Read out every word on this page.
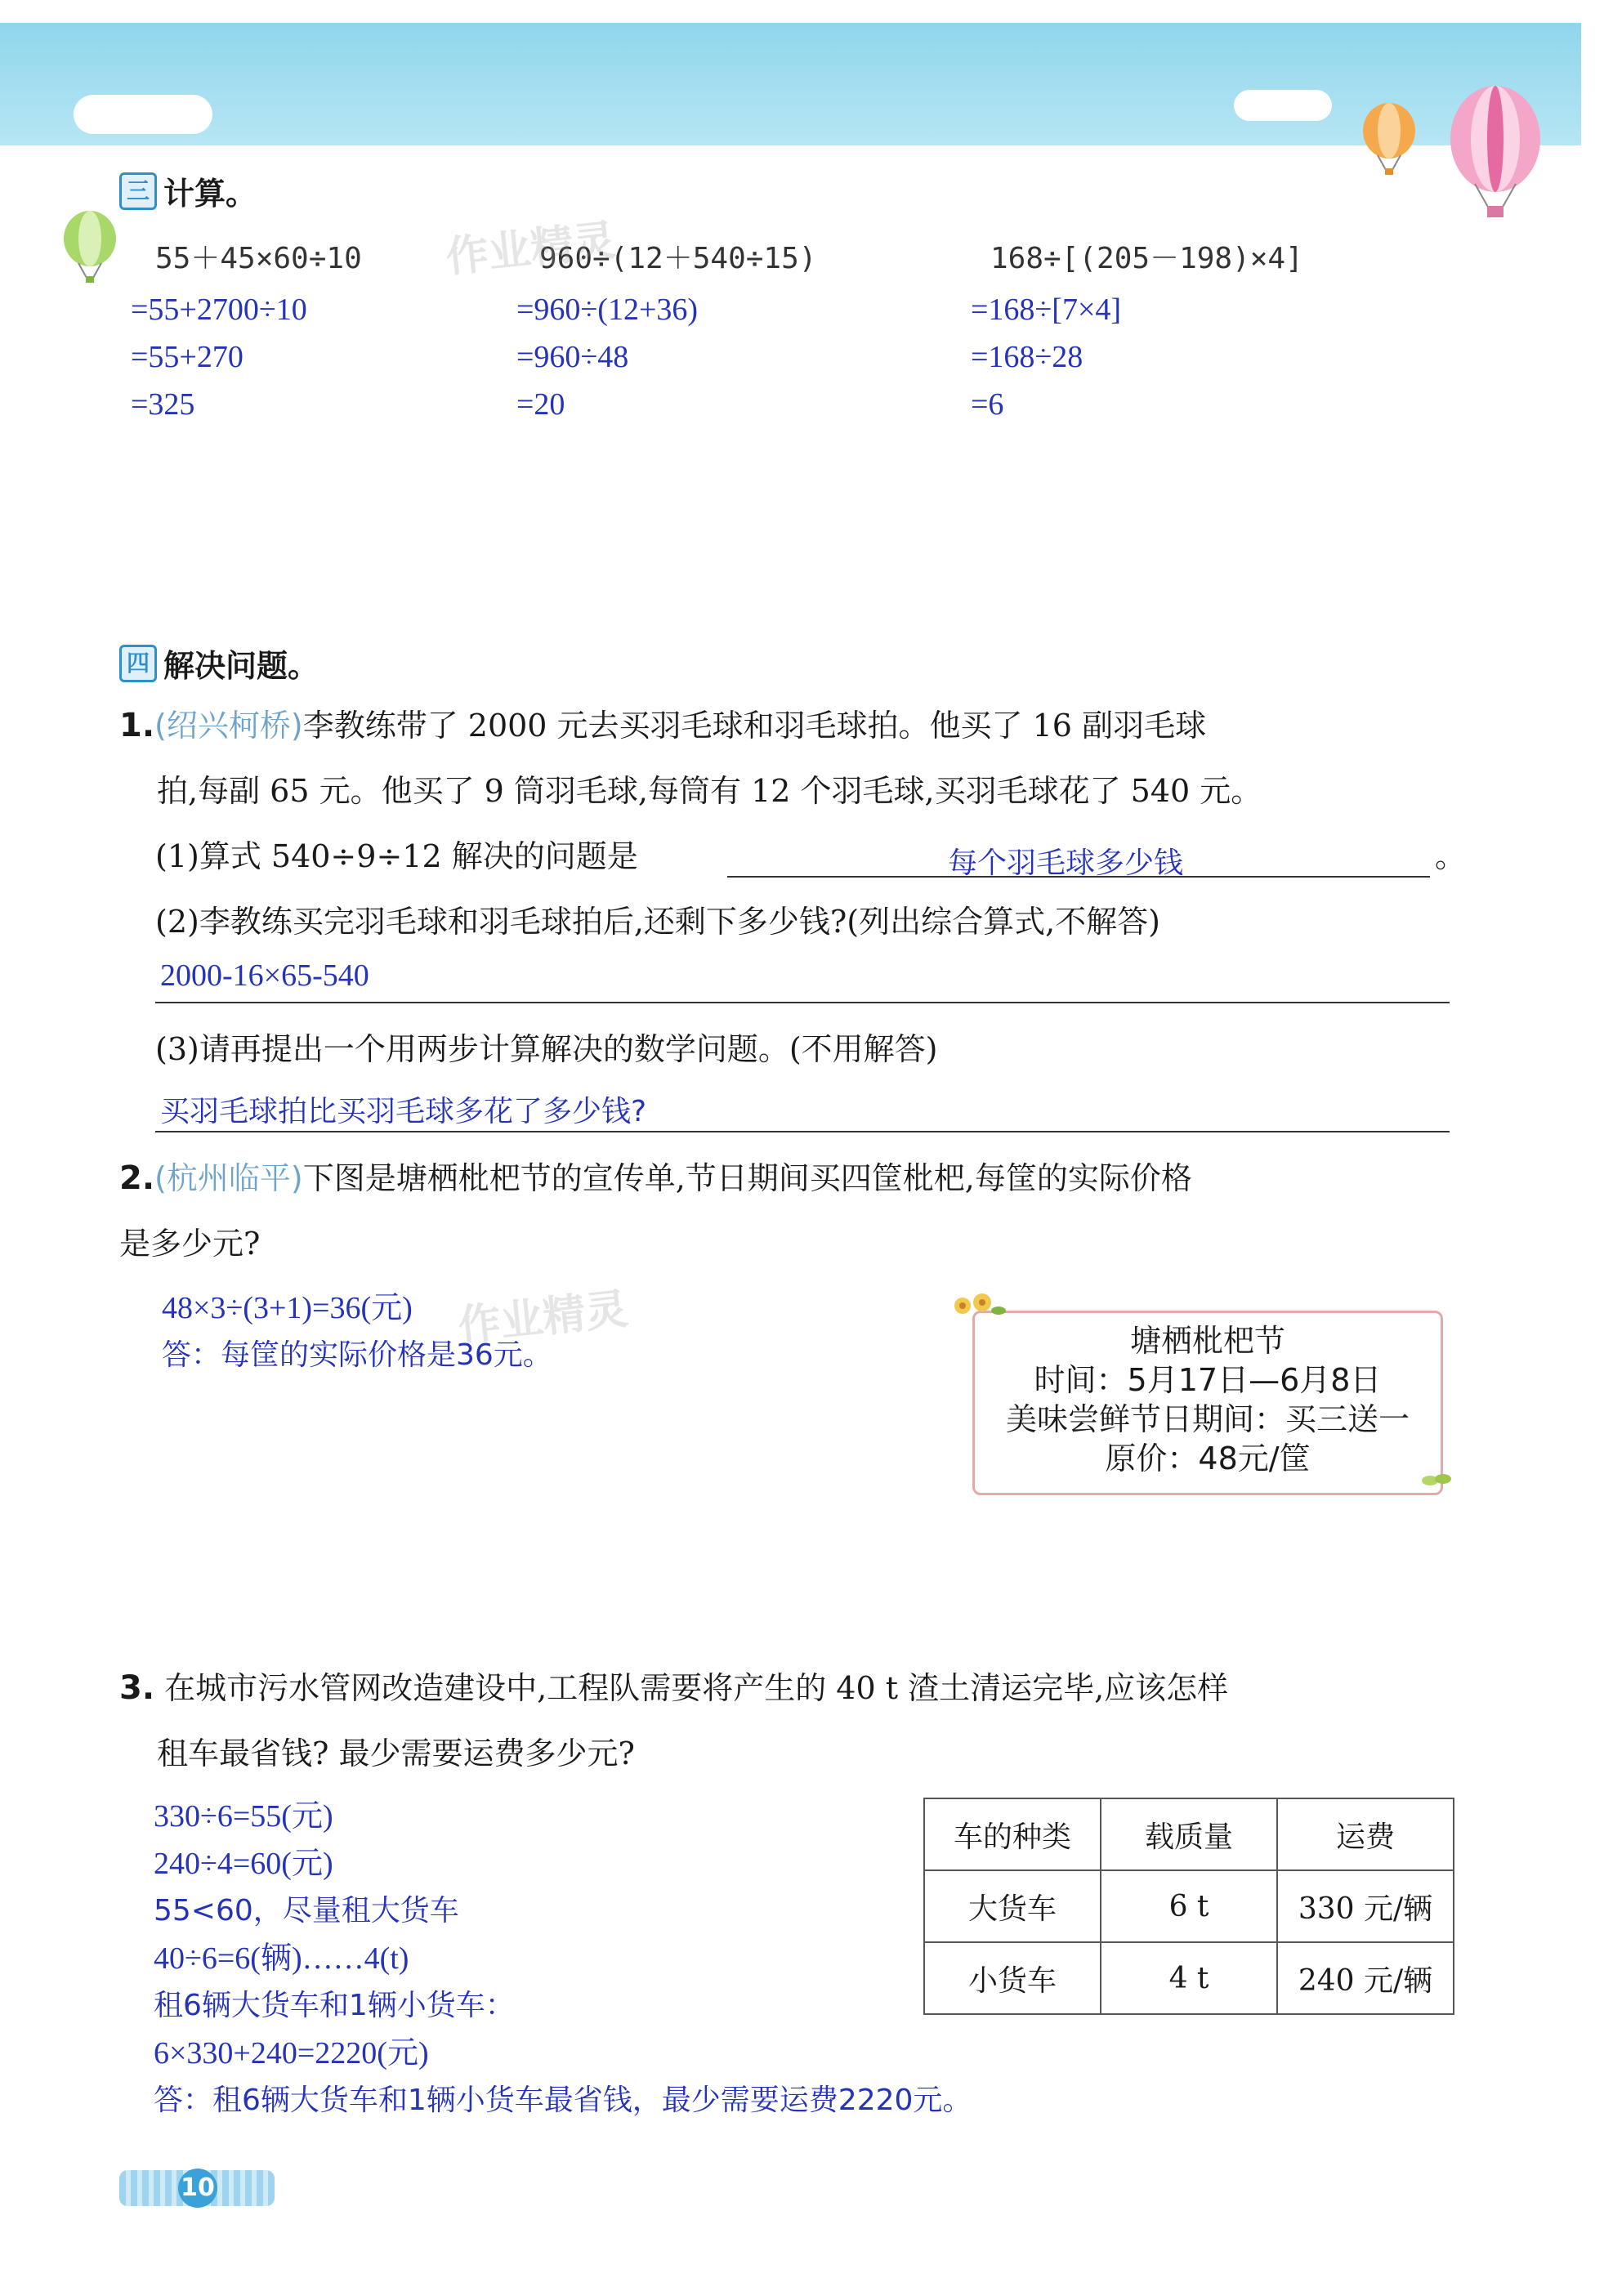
三 计算。
55＋45×60÷10	960÷(12＋540÷15)	168÷[(205－198)×4]
=55+2700÷10
=55+270
=325
=960÷(12+36)
=960÷48
=20
=168÷[7×4]
=168÷28
=6
作业精灵
作业精灵
四 解决问题。
1.(绍兴柯桥)李教练带了 2000 元去买羽毛球和羽毛球拍。他买了 16 副羽毛球
拍,每副 65 元。他买了 9 筒羽毛球,每筒有 12 个羽毛球,买羽毛球花了 540 元。
(1)算式 540÷9÷12 解决的问题是	每个羽毛球多少钱	。
(2)李教练买完羽毛球和羽毛球拍后,还剩下多少钱?(列出综合算式,不解答)
2000-16×65-540
(3)请再提出一个用两步计算解决的数学问题。(不用解答)
买羽毛球拍比买羽毛球多花了多少钱?
2.(杭州临平)下图是塘栖枇杷节的宣传单,节日期间买四筐枇杷,每筐的实际价格
是多少元?
48×3÷(3+1)=36(元)
答：每筐的实际价格是36元。	塘栖枇杷节
时间：5月17日—6月8日
美味尝鲜节日期间：买三送一
原价：48元/筐
3. 在城市污水管网改造建设中,工程队需要将产生的 40 t 渣土清运完毕,应该怎样
租车最省钱? 最少需要运费多少元?
330÷6=55(元)
240÷4=60(元)
55<60，尽量租大货车
40÷6=6(辆)……4(t)
租6辆大货车和1辆小货车：
6×330+240=2220(元)
答：租6辆大货车和1辆小货车最省钱，最少需要运费2220元。
车的种类	载质量	运费
大货车	6 t	330 元/辆
小货车	4 t	240 元/辆
10
